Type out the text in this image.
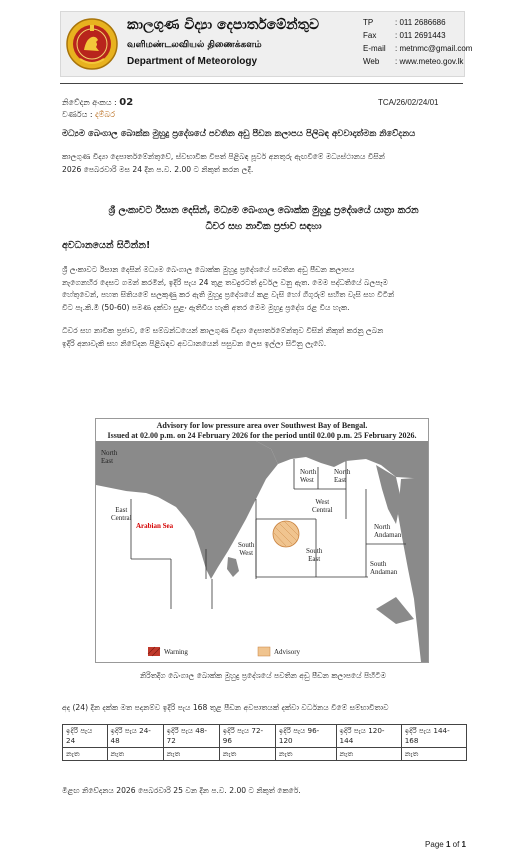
කාලගුණ විද්‍යා දෙපාර්තමේන්තුව
வளிமண்டலவியல் திணைக்களம்
Department of Meteorology
TP	: 011 2686686
Fax : 011 2691443
E-mail : metnmc@gmail.com
Web : www.meteo.gov.lk
නිවේදන අංකය : 02
වර්ණය : දම්බර
TCA/26/02/24/01
මධ්‍යම බෙංගාල බොක්ක මුහුදු ප්‍රදේශයේ පවතින අඩු පීඩන කලාපය පිලිබඳ අවවාදාත්මක නිවේදනය
කාලගුණ විද්‍යා දෙපාර්තමේන්තුවේ, ස්වභාවික විපත් පිළිබඳ පූර්ව අනතුරු ඇඟවීමේ මධ්‍යස්ථානය විසින්
2026 පෙබරවාරි මස 24 දින ප.ව. 2.00 ට නිකුත් කරන ලදී.
ශ්‍රී ලංකාවට ඊසාන දෙසින්, මධ්‍යම බෙංගාල බොක්ක මුහුදු ප්‍රදේශයේ යාත්‍රා කරන
ධීවර සහ නාවික ප්‍රජාව සඳහා
අවධානයෙන් සිටින්න!
ශ්‍රී ලංකාවට ඊසාන දෙසින් මධ්‍යම බෙංගාල බොක්ක මුහුදු ප්‍රදේශයේ පවතින අඩු පීඩන කලාපය
නැගෙනහිර දෙසට ගමන් කරමින්, ඉදිරි පැය 24 තුළ තවදුරටත් දුර්වල වනු ඇත. මෙම පද්ධතියේ බලපෑම
හේතුවෙන්, පහත සිතියමේ සලකුණු කර ඇති මුහුදු ප්‍රදේශයේ කළ වැසි හෝ ගිගුරුම් සහිත වැසි සහ විටින්
විට පැ.කි.මී (50-60) පමණ දක්වා සුළං ඇතිවිය හැකි අතර මෙම මුහුදු ප්‍රදේශ රළ විය හැක.
ධීවර සහ නාවික ප්‍රජාව, මේ සම්බන්ධයෙන් කාලගුණ විද්‍යා දෙපාර්තමේන්තුව විසින් නිකුත් කරනු ලබන
ඉදිරි අනාවැකි සහ නිවේදන පිළිබඳව අවධානයෙන් පසුවන ලෙස ඉල්ලා සිටිනු ලැබේ.
Advisory for low pressure area over Southwest Bay of Bengal.
Issued at 02.00 p.m. on 24 February 2026 for the period until 02.00 p.m. 25 February 2026.
North
East
East
Central
North
West
North
East
West
Central
North
Andaman
South
West	South
East
South
Andaman
Arabian Sea
Warning	Advisory
නිරිතදිග බෙංගාල බොක්ක මුහුදු ප්‍රදේශයේ පවතින අඩු පීඩන කලාපයේ පිහිටීම
අද (24) දින දක්ක මත පදනම්ව ඉදිරි පැය 168 තුළ පීඩන අවපාතයක් දක්වා වර්ධනය වීමේ සම්භාවිතාව
ඉදිරි පැය 24	ඉදිරි පැය 24-48	ඉදිරි පැය 48-72	ඉදිරි පැය 72-96	ඉදිරි පැය 96-120	ඉදිරි පැය 120-144	ඉදිරි පැය 144-168
නැත	නැත	නැත	නැත	නැත	නැත	නැත
මීළඟ නිවේදනය 2026 පෙබරවාරි 25 වන දින ප.ව. 2.00 ට නිකුත් කෙරේ.
Page 1 of 1
